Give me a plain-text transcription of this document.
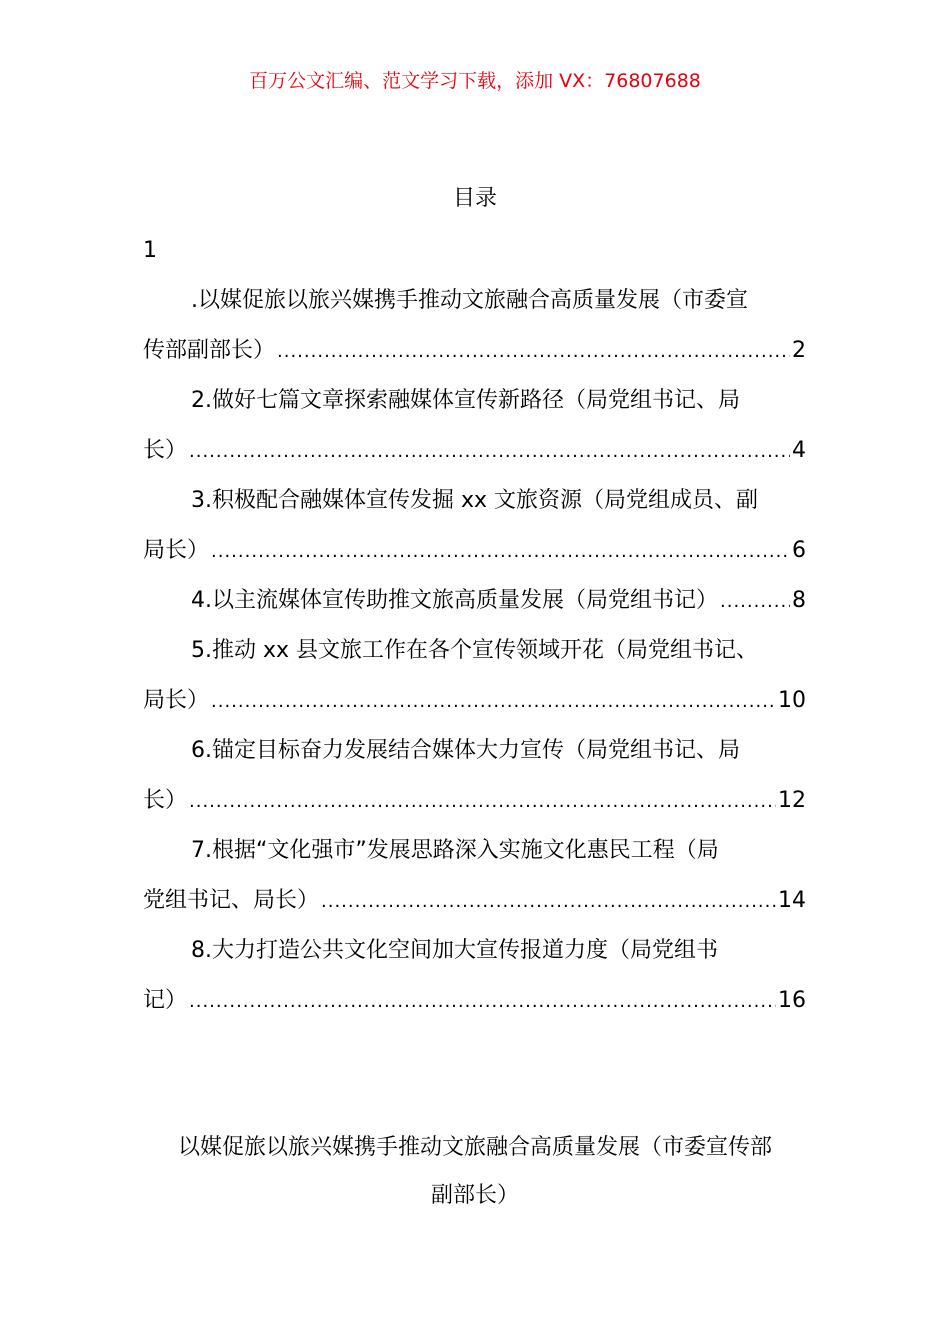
百万公文汇编、范文学习下载，添加 VX：76807688
目录
1
.以媒促旅以旅兴媒携手推动文旅融合高质量发展（市委宣
传部副部长） .....	2
2.做好七篇文章探索融媒体宣传新路径（局党组书记、局
长） .....	4
3.积极配合融媒体宣传发掘 xx 文旅资源（局党组成员、副
局长） .....	6
4.以主流媒体宣传助推文旅高质量发展（局党组书记） .....	8
5.推动 xx 县文旅工作在各个宣传领域开花（局党组书记、
局长） .....	10
6.锚定目标奋力发展结合媒体大力宣传（局党组书记、局
长） .....	12
7.根据“文化强市”发展思路深入实施文化惠民工程（局
党组书记、局长） .....	14
8.大力打造公共文化空间加大宣传报道力度（局党组书
记） .....	16
以媒促旅以旅兴媒携手推动文旅融合高质量发展（市委宣传部
副部长）
